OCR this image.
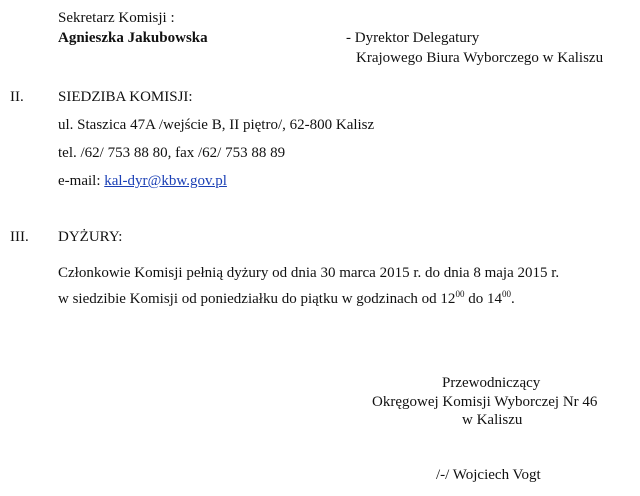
Sekretarz Komisji :
Agnieszka Jakubowska	- Dyrektor Delegatury
Krajowego Biura Wyborczego w Kaliszu
II. SIEDZIBA KOMISJI:
ul. Staszica 47A /wejście B, II piętro/, 62-800 Kalisz
tel. /62/ 753 88 80, fax /62/ 753 88 89
e-mail: kal-dyr@kbw.gov.pl
III. DYŻURY:
Członkowie Komisji pełnią dyżury od dnia 30 marca 2015 r. do dnia 8 maja 2015 r.
w siedzibie Komisji od poniedziałku do piątku w godzinach od $12^{00}$ do $14^{00}$.
Przewodniczący
Okręgowej Komisji Wyborczej Nr 46
w Kaliszu
/-/ Wojciech Vogt
